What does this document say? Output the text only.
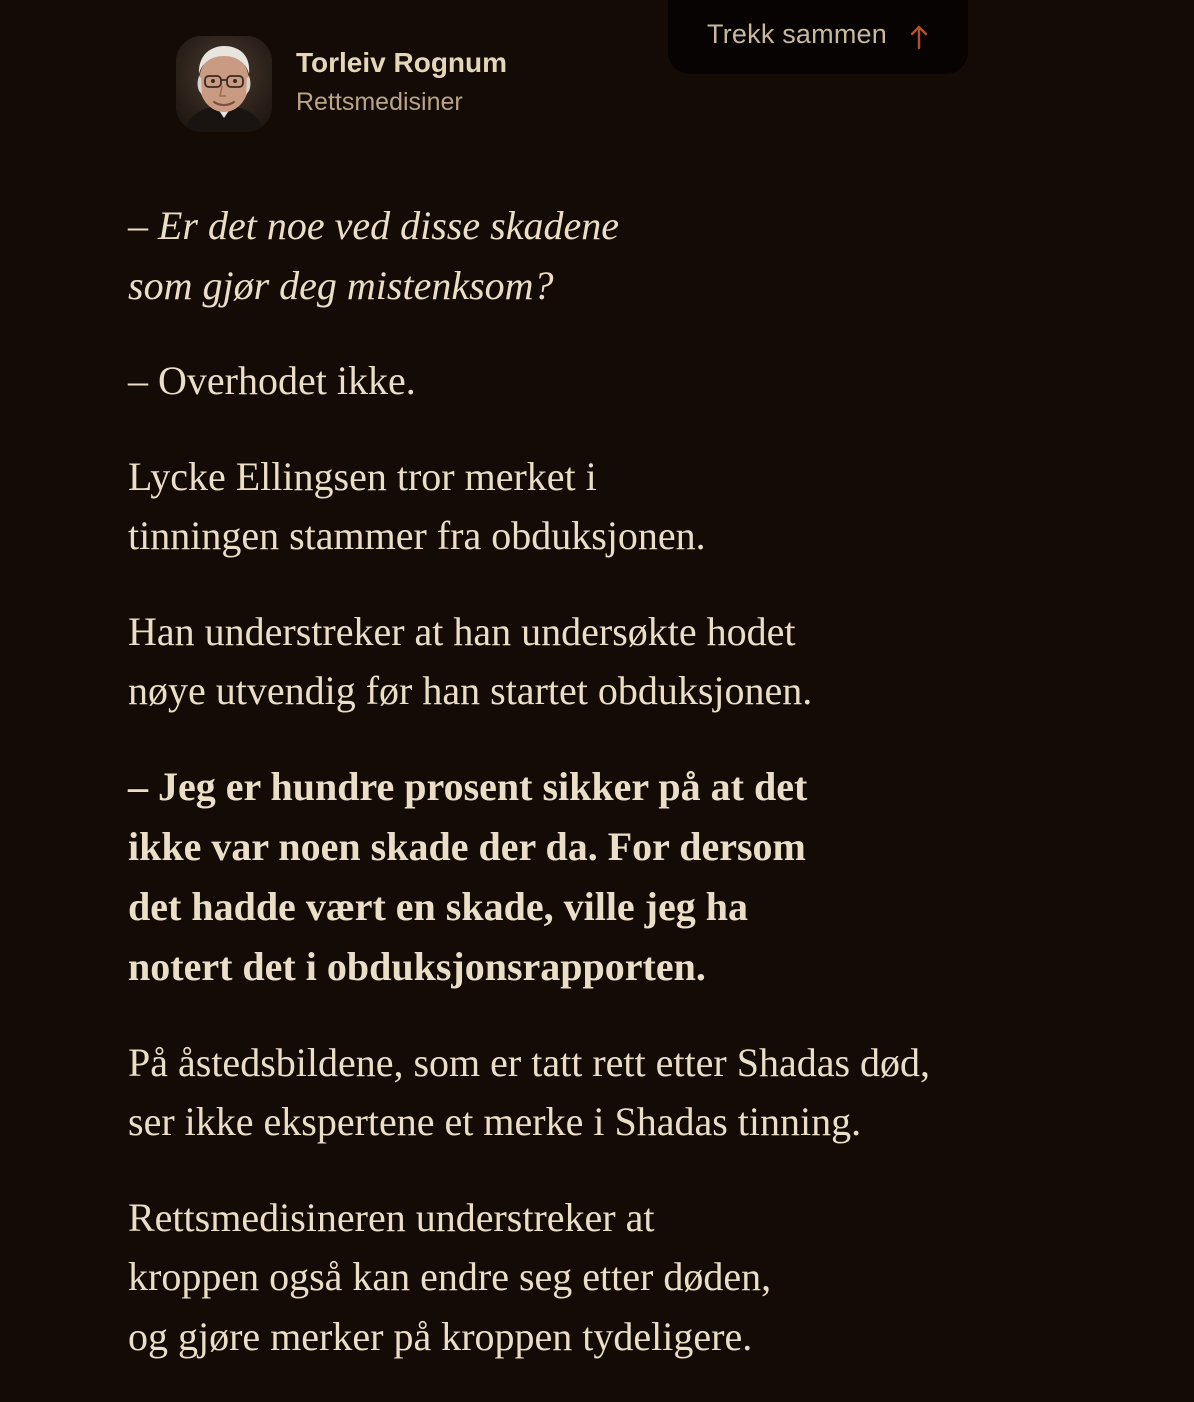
Trekk sammen
Torleiv Rognum
Rettsmedisiner

– Er det noe ved disse skadene
som gjør deg mistenksom?

– Overhodet ikke.

Lycke Ellingsen tror merket i
tinningen stammer fra obduksjonen.

Han understreker at han undersøkte hodet
nøye utvendig før han startet obduksjonen.

– Jeg er hundre prosent sikker på at det
ikke var noen skade der da. For dersom
det hadde vært en skade, ville jeg ha
notert det i obduksjonsrapporten.

På åstedsbildene, som er tatt rett etter Shadas død,
ser ikke ekspertene et merke i Shadas tinning.

Rettsmedisineren understreker at
kroppen også kan endre seg etter døden,
og gjøre merker på kroppen tydeligere.
